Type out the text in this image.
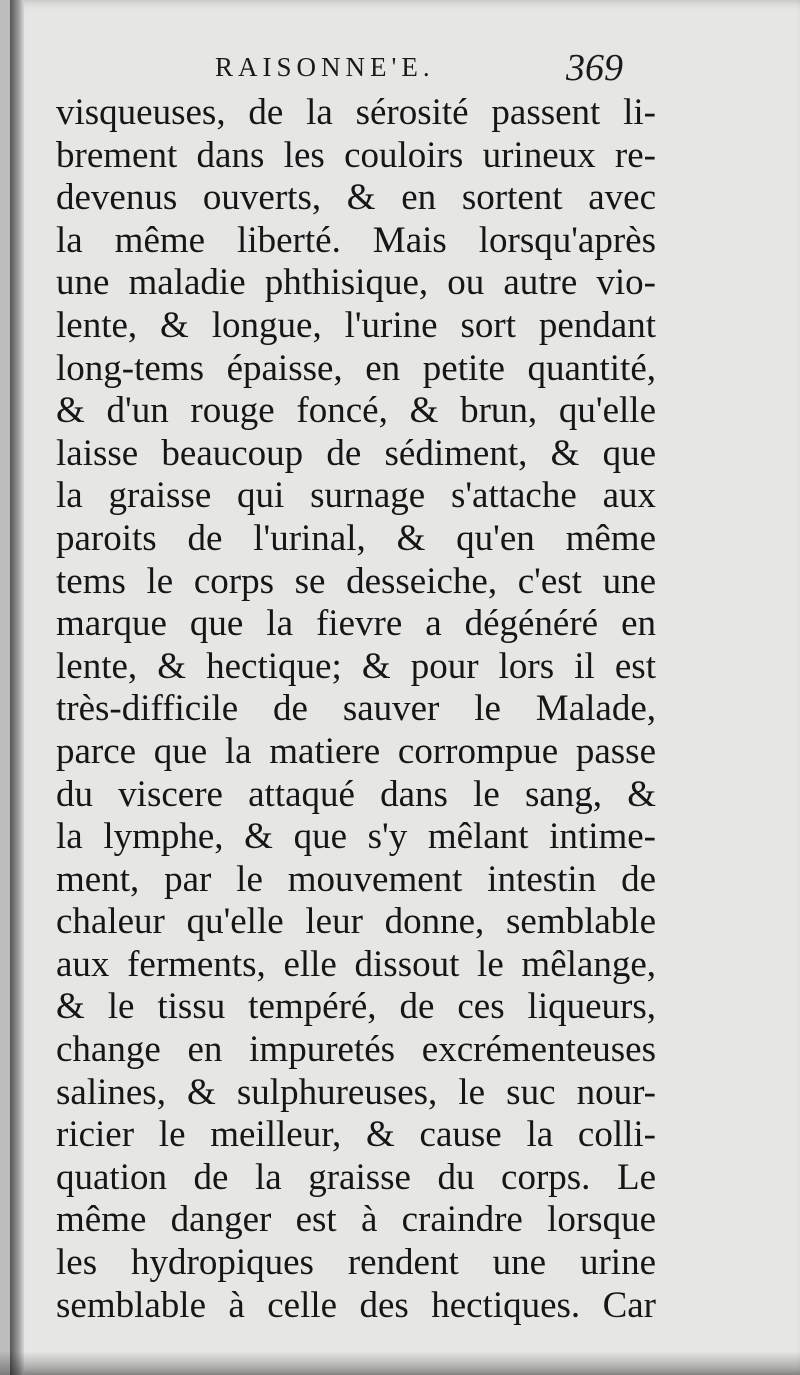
RAISONNE'E.	369
visqueuses, de la sérosité passent li-
brement dans les couloirs urineux re-
devenus ouverts, & en sortent avec
la même liberté. Mais lorsqu'après
une maladie phthisique, ou autre vio-
lente, & longue, l'urine sort pendant
long-tems épaisse, en petite quantité,
& d'un rouge foncé, & brun, qu'elle
laisse beaucoup de sédiment, & que
la graisse qui surnage s'attache aux
paroits de l'urinal, & qu'en même
tems le corps se desseiche, c'est une
marque que la fievre a dégénéré en
lente, & hectique; & pour lors il est
très-difficile de sauver le Malade,
parce que la matiere corrompue passe
du viscere attaqué dans le sang, &
la lymphe, & que s'y mêlant intime-
ment, par le mouvement intestin de
chaleur qu'elle leur donne, semblable
aux ferments, elle dissout le mêlange,
& le tissu tempéré, de ces liqueurs,
change en impuretés excrémenteuses
salines, & sulphureuses, le suc nour-
ricier le meilleur, & cause la colli-
quation de la graisse du corps. Le
même danger est à craindre lorsque
les hydropiques rendent une urine
semblable à celle des hectiques. Car
